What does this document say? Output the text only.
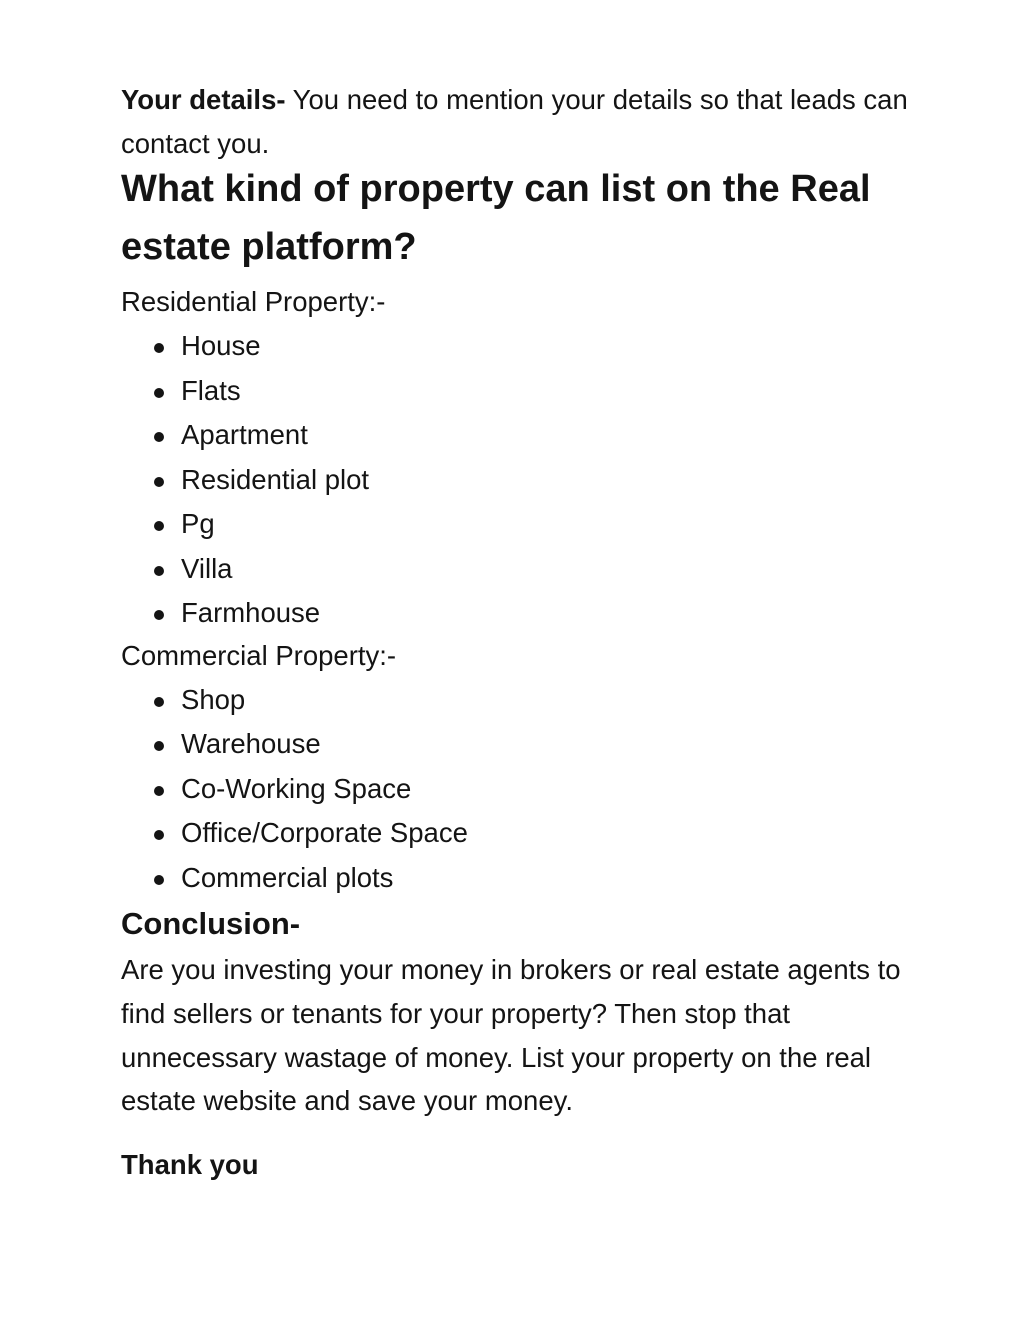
Your details- You need to mention your details so that leads can contact you.

What kind of property can list on the Real estate platform?

Residential Property:-

House
Flats
Apartment
Residential plot
Pg
Villa
Farmhouse

Commercial Property:-

Shop
Warehouse
Co-Working Space
Office/Corporate Space
Commercial plots
Conclusion-

Are you investing your money in brokers or real estate agents to find sellers or tenants for your property? Then stop that unnecessary wastage of money. List your property on the real estate website and save your money.

Thank you
